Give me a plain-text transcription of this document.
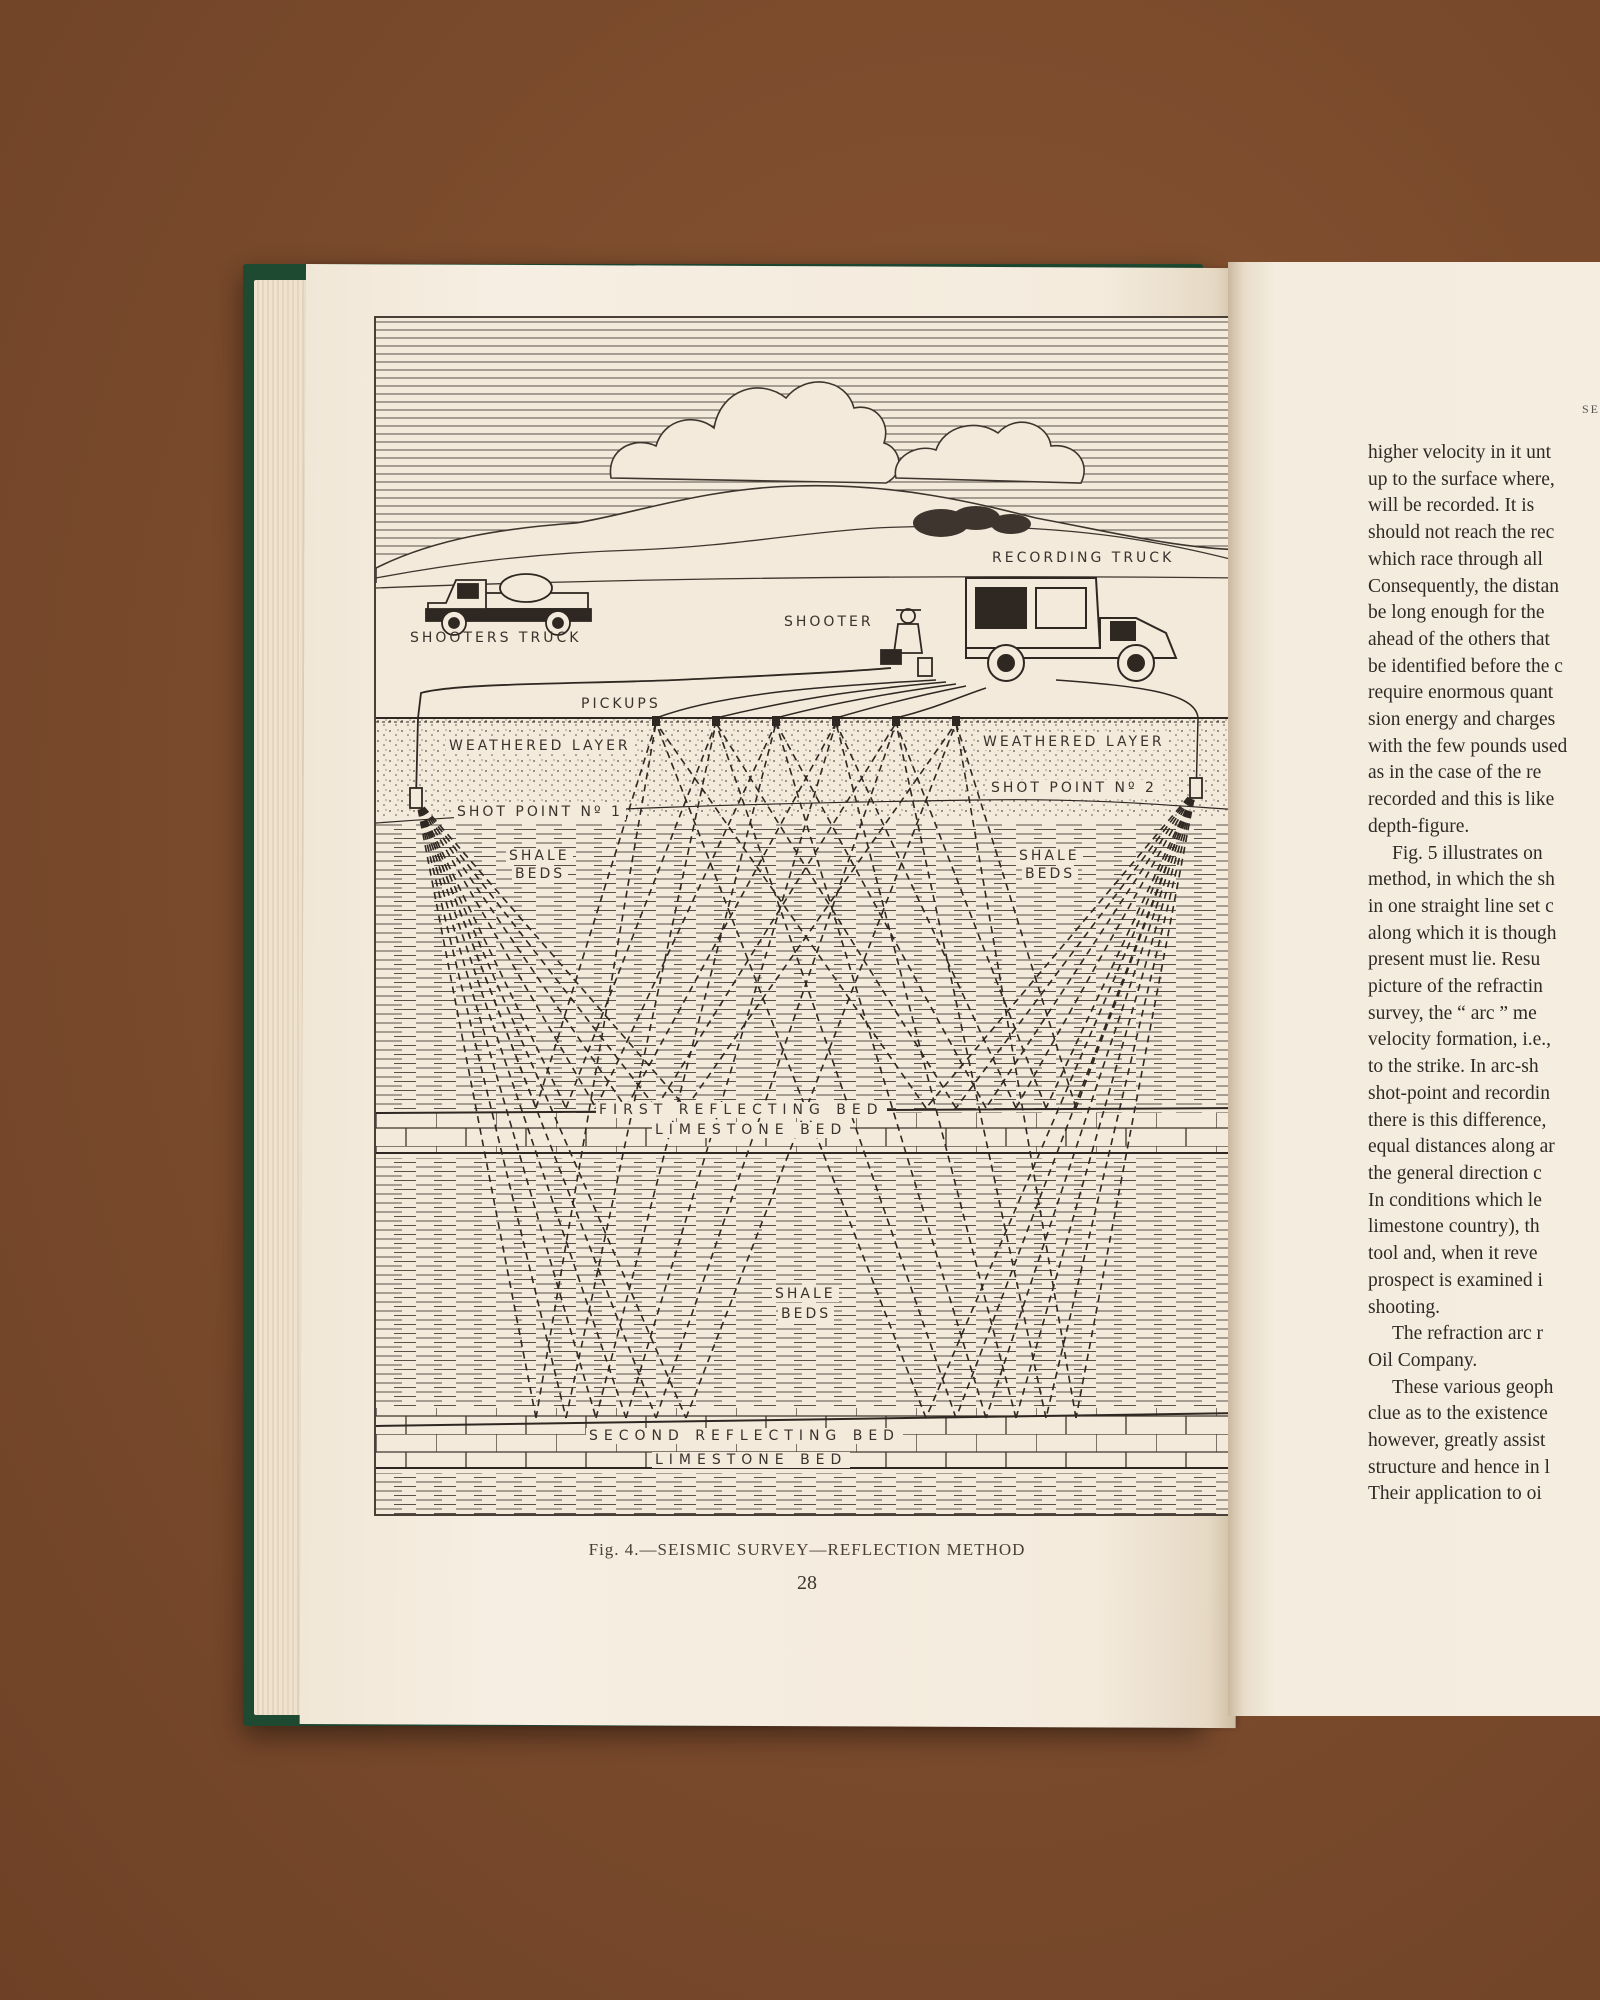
RECORDING TRUCK
SHOOTERS TRUCK
SHOOTER
PICKUPS
WEATHERED LAYER	WEATHERED LAYER
SHOT POINT Nº 1
SHOT POINT Nº 2
SHALE
BEDS
SHALE
BEDS
FIRST REFLECTING BED
LIMESTONE BED
SHALE
BEDS
SECOND REFLECTING BED
LIMESTONE BED
Fig. 4.—SEISMIC SURVEY—REFLECTION METHOD
28
SE
higher velocity in it unt
up to the surface where,
will be recorded. It is
should not reach the rec
which race through all
Consequently, the distan
be long enough for the
ahead of the others that
be identified before the c
require enormous quant
sion energy and charges
with the few pounds used
as in the case of the re
recorded and this is like
depth-figure.
Fig. 5 illustrates on
method, in which the sh
in one straight line set c
along which it is though
present must lie. Resu
picture of the refractin
survey, the “ arc ” me
velocity formation, i.e.,
to the strike. In arc-sh
shot-point and recordin
there is this difference,
equal distances along ar
the general direction c
In conditions which le
limestone country), th
tool and, when it reve
prospect is examined i
shooting.
The refraction arc r
Oil Company.
These various geoph
clue as to the existence
however, greatly assist
structure and hence in l
Their application to oi
